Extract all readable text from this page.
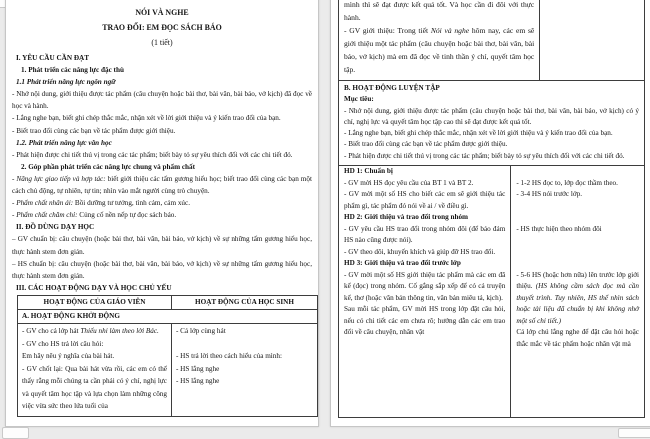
NÓI VÀ NGHE
TRAO ĐỔI: EM ĐỌC SÁCH BÁO
(1 tiết)
I. YÊU CẦU CẦN ĐẠT
1. Phát triển các năng lực đặc thù
1.1 Phát triển năng lực ngôn ngữ
- Nhớ nội dung, giới thiệu được tác phẩm (câu chuyện hoặc bài thơ, bài văn, bài báo, vở kịch) đã đọc về học và hành.
- Lắng nghe bạn, biết ghi chép thắc mắc, nhận xét về lời giới thiệu và ý kiến trao đổi của bạn.
- Biết trao đổi cùng các bạn về tác phẩm được giới thiệu.
1.2. Phát triển năng lực văn học
- Phát hiện được chi tiết thú vị trong các tác phẩm; biết bày tỏ sự yêu thích đối với các chi tiết đó.
2. Góp phần phát triển các năng lực chung và phẩm chất
- Năng lực giao tiếp và hợp tác: biết giới thiệu các tấm gương hiếu học; biết trao đổi cùng các bạn một cách chủ động, tự nhiên, tự tin; nhìn vào mắt người cùng trò chuyện.
- Phẩm chất nhân ái: Bồi dưỡng tư tưởng, tình cảm, cảm xúc.
- Phẩm chất chăm chỉ: Củng cố nền nếp tự đọc sách báo.
II. ĐỒ DÙNG DẠY HỌC
– GV chuẩn bị: câu chuyện (hoặc bài thơ, bài văn, bài báo, vở kịch) về sự những tấm gương hiếu học, thực hành stem đơn giản.
– HS chuẩn bị: câu chuyện (hoặc bài thơ, bài văn, bài báo, vở kịch) về sự những tấm gương hiếu học, thực hành stem đơn giản.
III. CÁC HOẠT ĐỘNG DẠY VÀ HỌC CHỦ YẾU
HOẠT ĐỘNG CỦA GIÁO VIÊN	HOẠT ĐỘNG CỦA HỌC SINH
A. HOẠT ĐỘNG KHỞI ĐỘNG
- GV cho cả lớp hát Thiếu nhi làm theo lời Bác.
- GV cho HS trả lời câu hỏi:
Em hãy nêu ý nghĩa của bài hát.
- GV chốt lại: Qua bài hát vừa rồi, các em có thể thấy rằng mỗi chúng ta cần phải có ý chí, nghị lực và quyết tâm học tập và lựa chọn làm những công việc vừa sức theo lứa tuổi của
- Cả lớp cùng hát

- HS trả lời theo cách hiểu của mình:
- HS lắng nghe
- HS lắng nghe
mình thì sẽ đạt được kết quả tốt. Và học cần đi đôi với thực hành.
- GV giới thiệu: Trong tiết Nói và nghe hôm nay, các em sẽ giới thiệu một tác phẩm (câu chuyện hoặc bài thơ, bài văn, bài báo, vở kịch) mà em đã đọc về tinh thần ý chí, quyết tâm học tập.
B. HOẠT ĐỘNG LUYỆN TẬP
Mục tiêu:
- Nhớ nội dung, giới thiệu được tác phẩm (câu chuyện hoặc bài thơ, bài văn, bài báo, vở kịch) có ý chí, nghị lực và quyết tâm học tập cao thì sẽ đạt được kết quả tốt.
- Lắng nghe bạn, biết ghi chép thắc mắc, nhận xét về lời giới thiệu và ý kiến trao đổi của bạn.
- Biết trao đổi cùng các bạn về tác phẩm được giới thiệu.
- Phát hiện được chi tiết thú vị trong các tác phẩm; biết bày tỏ sự yêu thích đối với các chi tiết đó.
HD 1: Chuẩn bị
- GV mời HS đọc yêu cầu của BT 1 và BT 2.
- GV mời một số HS cho biết các em sẽ giới thiệu tác phẩm gì, tác phẩm đó nói về ai / về điều gì.
- 1-2 HS đọc to, lớp đọc thầm theo.
- 3-4 HS nói trước lớp.
HD 2: Giới thiệu và trao đổi trong nhóm
- GV yêu cầu HS trao đổi trong nhóm đôi (để bảo đảm HS nào cũng được nói).
- GV theo dõi, khuyến khích và giúp đỡ HS trao đổi.
- HS thực hiện theo nhóm đôi
HD 3: Giới thiệu và trao đổi trước lớp
- GV mời một số HS giới thiệu tác phẩm mà các em đã kể (đọc) trong nhóm. Cố gắng sắp xếp để có cả truyện kể, thơ (hoặc văn bản thông tin, văn bản miêu tả, kịch).
Sau mỗi tác phẩm, GV mời HS trong lớp đặt câu hỏi, nếu có chi tiết các em chưa rõ; hướng dẫn các em trao đổi về câu chuyện, nhân vật
- 5-6 HS (hoặc hơn nữa) lên trước lớp giới thiệu. (HS không cầm sách đọc mà cần thuyết trình. Tuy nhiên, HS thể nhìn sách hoặc tài liệu đã chuẩn bị khi không nhớ một số chi tiết.)
Cả lớp chú lắng nghe để đặt câu hỏi hoặc thắc mắc về tác phẩm hoặc nhân vật mà
